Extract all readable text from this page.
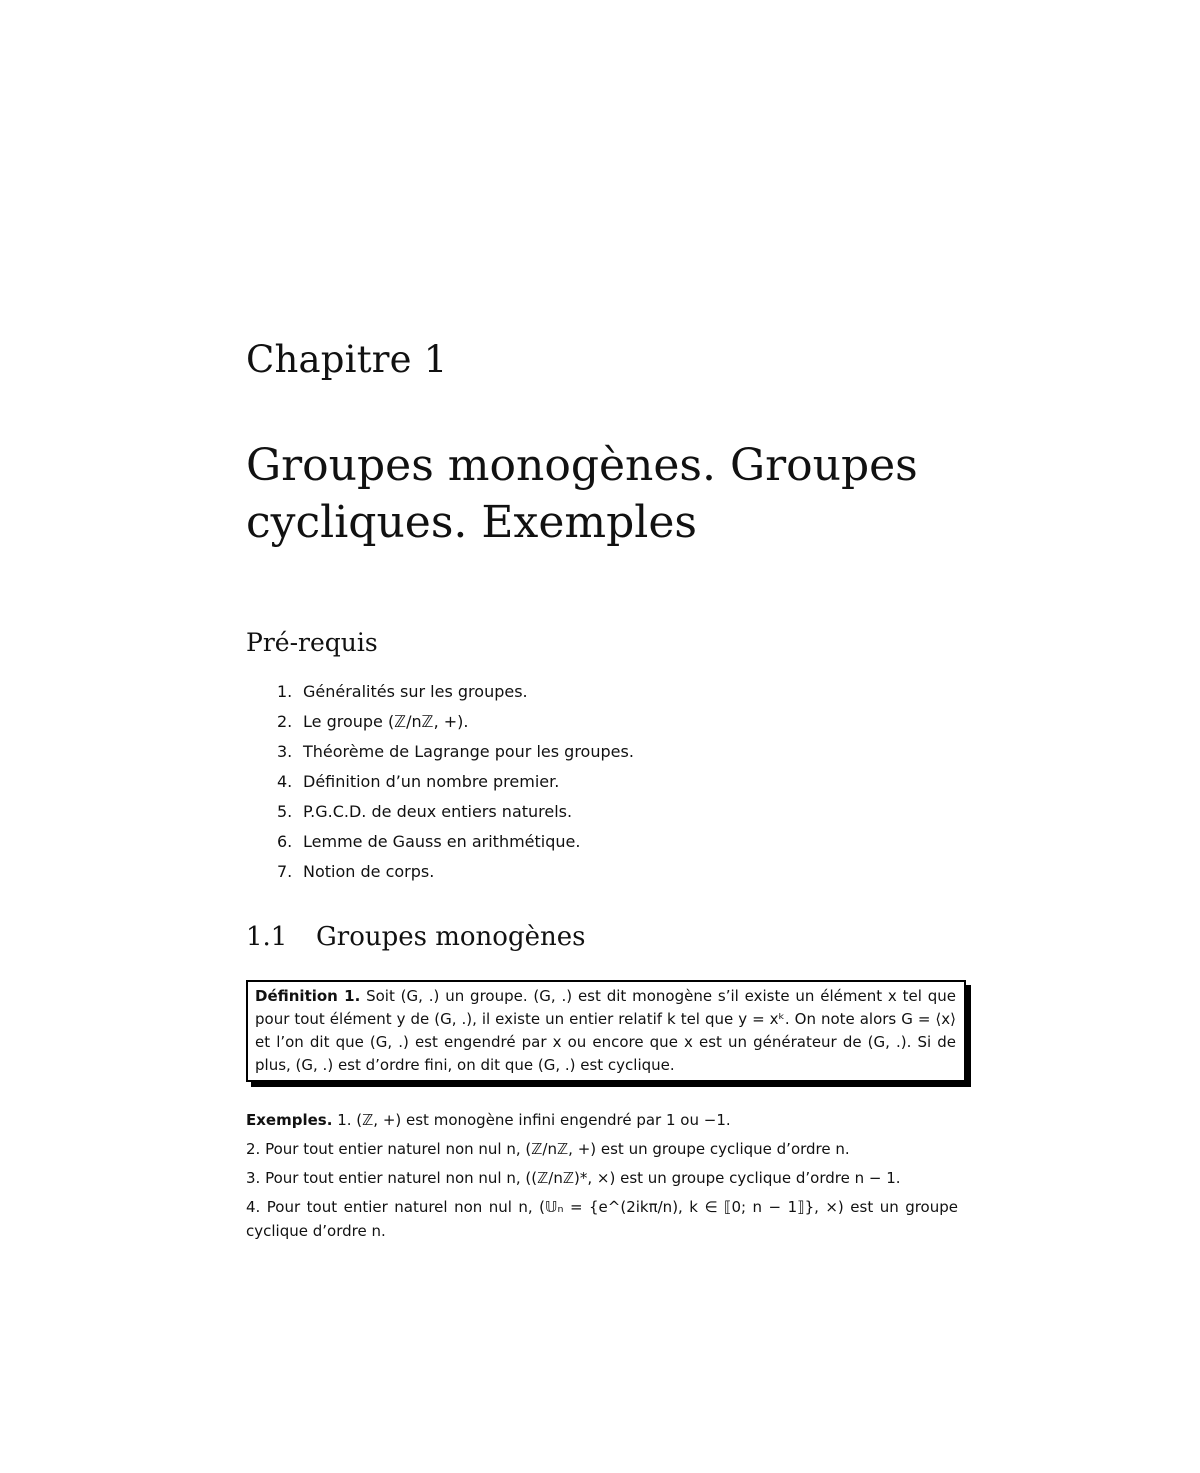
Chapitre 1
Groupes monogènes. Groupes cycliques. Exemples
Pré-requis
1. Généralités sur les groupes.
2. Le groupe (ℤ/nℤ, +).
3. Théorème de Lagrange pour les groupes.
4. Définition d’un nombre premier.
5. P.G.C.D. de deux entiers naturels.
6. Lemme de Gauss en arithmétique.
7. Notion de corps.
1.1 Groupes monogènes
Définition 1. Soit (G, .) un groupe. (G, .) est dit monogène s’il existe un élément x tel que pour tout élément y de (G, .), il existe un entier relatif k tel que y = xᵏ. On note alors G = ⟨x⟩ et l’on dit que (G, .) est engendré par x ou encore que x est un générateur de (G, .). Si de plus, (G, .) est d’ordre fini, on dit que (G, .) est cyclique.

Exemples. 1. (ℤ, +) est monogène infini engendré par 1 ou −1.

2. Pour tout entier naturel non nul n, (ℤ/nℤ, +) est un groupe cyclique d’ordre n.

3. Pour tout entier naturel non nul n, ((ℤ/nℤ)*, ×) est un groupe cyclique d’ordre n − 1.

4. Pour tout entier naturel non nul n, (𝕌ₙ = {e^(2ikπ/n), k ∈ ⟦0; n − 1⟧}, ×) est un groupe cyclique d’ordre n.
